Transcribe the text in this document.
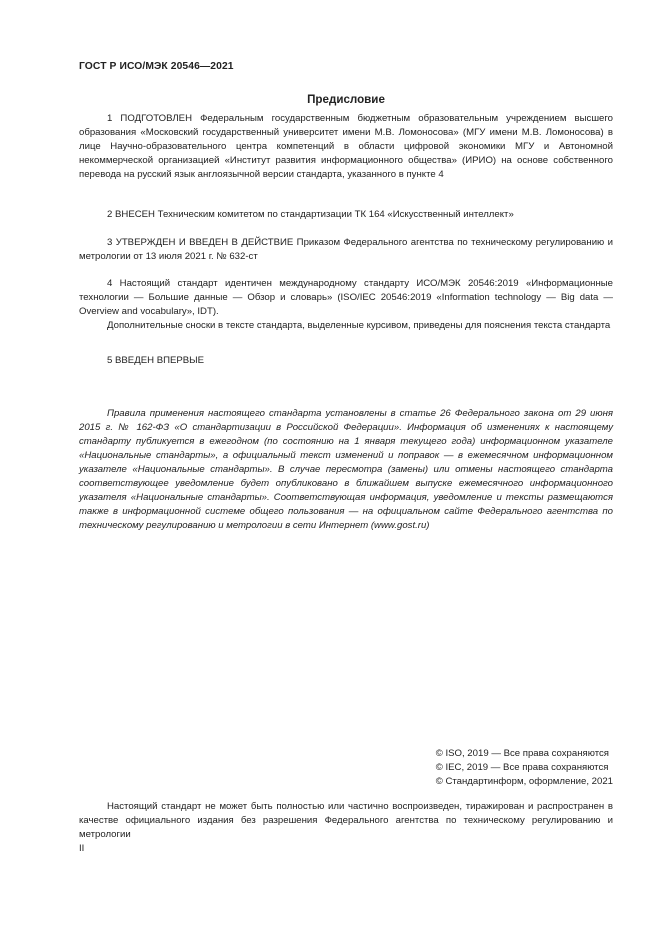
ГОСТ Р ИСО/МЭК 20546—2021
Предисловие

1 ПОДГОТОВЛЕН Федеральным государственным бюджетным образовательным учреждением высшего образования «Московский государственный университет имени М.В. Ломоносова» (МГУ имени М.В. Ломоносова) в лице Научно-образовательного центра компетенций в области цифровой экономики МГУ и Автономной некоммерческой организацией «Институт развития информационного общества» (ИРИО) на основе собственного перевода на русский язык англоязычной версии стандарта, указанного в пункте 4

2 ВНЕСЕН Техническим комитетом по стандартизации ТК 164 «Искусственный интеллект»

3 УТВЕРЖДЕН И ВВЕДЕН В ДЕЙСТВИЕ Приказом Федерального агентства по техническому регулированию и метрологии от 13 июля 2021 г. № 632-ст

4 Настоящий стандарт идентичен международному стандарту ИСО/МЭК 20546:2019 «Информационные технологии — Большие данные — Обзор и словарь» (ISO/IEC 20546:2019 «Information technology — Big data — Overview and vocabulary», IDT).

Дополнительные сноски в тексте стандарта, выделенные курсивом, приведены для пояснения текста стандарта

5 ВВЕДЕН ВПЕРВЫЕ

Правила применения настоящего стандарта установлены в статье 26 Федерального закона от 29 июня 2015 г. № 162-ФЗ «О стандартизации в Российской Федерации». Информация об изменениях к настоящему стандарту публикуется в ежегодном (по состоянию на 1 января текущего года) информационном указателе «Национальные стандарты», а официальный текст изменений и поправок — в ежемесячном информационном указателе «Национальные стандарты». В случае пересмотра (замены) или отмены настоящего стандарта соответствующее уведомление будет опубликовано в ближайшем выпуске ежемесячного информационного указателя «Национальные стандарты». Соответствующая информация, уведомление и тексты размещаются также в информационной системе общего пользования — на официальном сайте Федерального агентства по техническому регулированию и метрологии в сети Интернет (www.gost.ru)

© ISO, 2019 — Все права сохраняются
© IEC, 2019 — Все права сохраняются
© Стандартинформ, оформление, 2021

Настоящий стандарт не может быть полностью или частично воспроизведен, тиражирован и распространен в качестве официального издания без разрешения Федерального агентства по техническому регулированию и метрологии

II
